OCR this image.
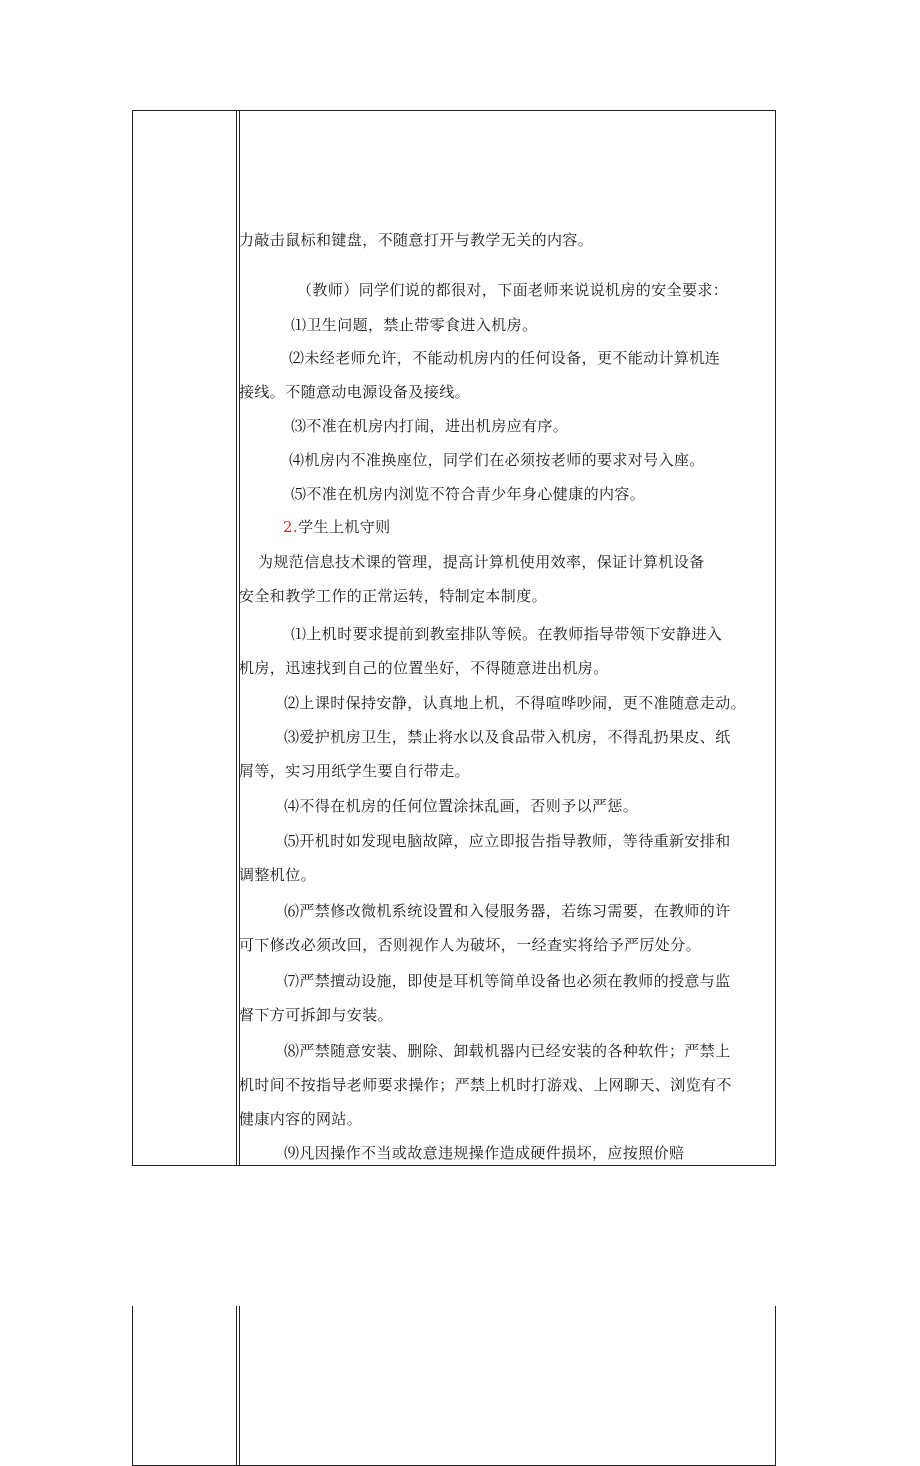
力敲击鼠标和键盘，不随意打开与教学无关的内容。
（教师）同学们说的都很对，下面老师来说说机房的安全要求：
⑴卫生问题，禁止带零食进入机房。
⑵未经老师允许，不能动机房内的任何设备，更不能动计算机连
接线。不随意动电源设备及接线。
⑶不准在机房内打闹，进出机房应有序。
⑷机房内不准换座位，同学们在必须按老师的要求对号入座。
⑸不准在机房内浏览不符合青少年身心健康的内容。
2.学生上机守则
为规范信息技术课的管理，提高计算机使用效率，保证计算机设备
安全和教学工作的正常运转，特制定本制度。
⑴上机时要求提前到教室排队等候。在教师指导带领下安静进入
机房，迅速找到自己的位置坐好，不得随意进出机房。
⑵上课时保持安静，认真地上机，不得喧哗吵闹，更不准随意走动。
⑶爱护机房卫生，禁止将水以及食品带入机房，不得乱扔果皮、纸
屑等，实习用纸学生要自行带走。
⑷不得在机房的任何位置涂抹乱画，否则予以严惩。
⑸开机时如发现电脑故障，应立即报告指导教师，等待重新安排和
调整机位。
⑹严禁修改微机系统设置和入侵服务器，若练习需要，在教师的许
可下修改必须改回，否则视作人为破坏，一经查实将给予严厉处分。
⑺严禁擅动设施，即使是耳机等简单设备也必须在教师的授意与监
督下方可拆卸与安装。
⑻严禁随意安装、删除、卸载机器内已经安装的各种软件；严禁上
机时间不按指导老师要求操作；严禁上机时打游戏、上网聊天、浏览有不
健康内容的网站。
⑼凡因操作不当或故意违规操作造成硬件损坏，应按照价赔
